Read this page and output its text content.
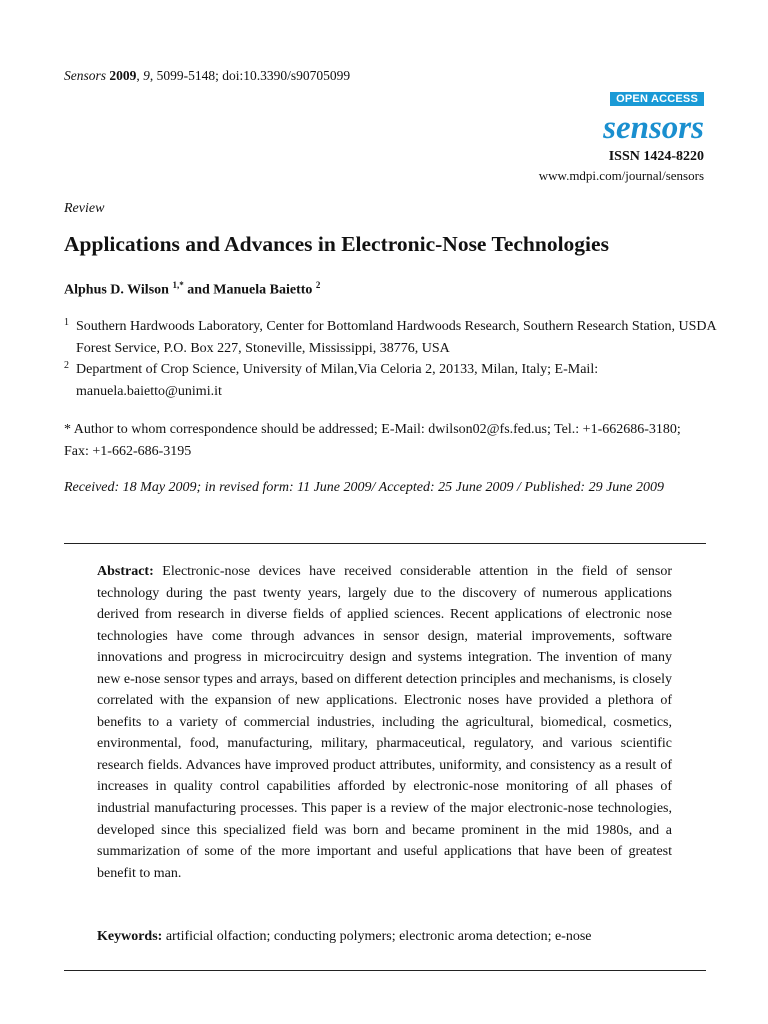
Sensors 2009, 9, 5099-5148; doi:10.3390/s90705099
OPEN ACCESS
sensors
ISSN 1424-8220
www.mdpi.com/journal/sensors
Review
Applications and Advances in Electronic-Nose Technologies
Alphus D. Wilson $^{1,*}$ and Manuela Baietto $^2$
1 Southern Hardwoods Laboratory, Center for Bottomland Hardwoods Research, Southern Research Station, USDA Forest Service, P.O. Box 227, Stoneville, Mississippi, 38776, USA
2 Department of Crop Science, University of Milan,Via Celoria 2, 20133, Milan, Italy; E-Mail: manuela.baietto@unimi.it
* Author to whom correspondence should be addressed; E-Mail: dwilson02@fs.fed.us; Tel.: +1-662686-3180; Fax: +1-662-686-3195
Received: 18 May 2009; in revised form: 11 June 2009/ Accepted: 25 June 2009 / Published: 29 June 2009
Abstract: Electronic-nose devices have received considerable attention in the field of sensor technology during the past twenty years, largely due to the discovery of numerous applications derived from research in diverse fields of applied sciences. Recent applications of electronic nose technologies have come through advances in sensor design, material improvements, software innovations and progress in microcircuitry design and systems integration. The invention of many new e-nose sensor types and arrays, based on different detection principles and mechanisms, is closely correlated with the expansion of new applications. Electronic noses have provided a plethora of benefits to a variety of commercial industries, including the agricultural, biomedical, cosmetics, environmental, food, manufacturing, military, pharmaceutical, regulatory, and various scientific research fields. Advances have improved product attributes, uniformity, and consistency as a result of increases in quality control capabilities afforded by electronic-nose monitoring of all phases of industrial manufacturing processes. This paper is a review of the major electronic-nose technologies, developed since this specialized field was born and became prominent in the mid 1980s, and a summarization of some of the more important and useful applications that have been of greatest benefit to man.
Keywords: artificial olfaction; conducting polymers; electronic aroma detection; e-nose
